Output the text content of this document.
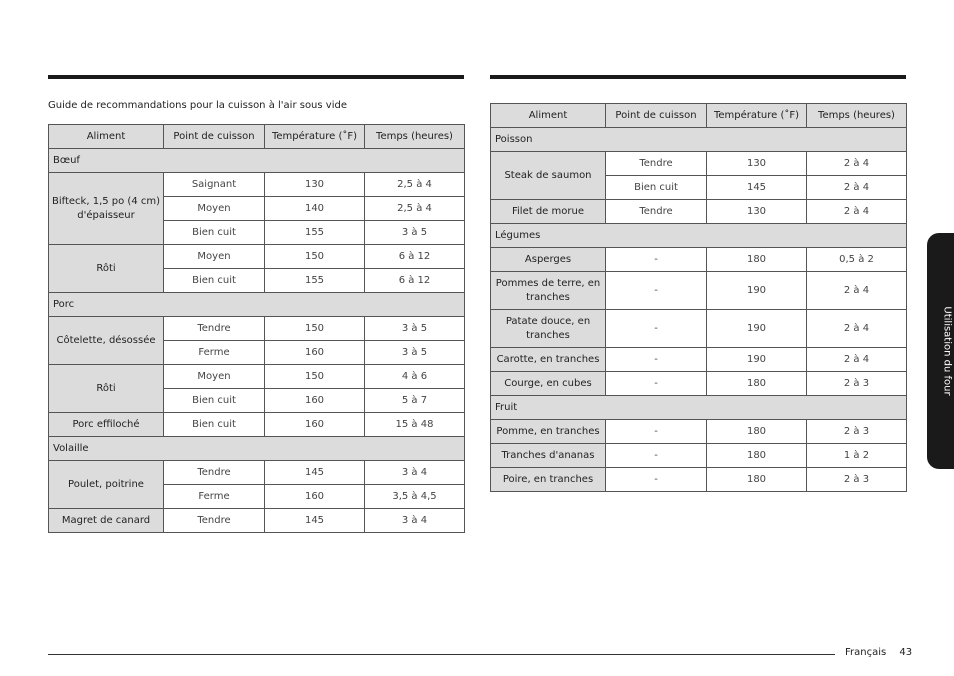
Guide de recommandations pour la cuisson à l'air sous vide
Aliment	Point de cuisson	Température (˚F)	Temps (heures)
Bœuf			
Bifteck, 1,5 po (4 cm) d'épaisseur	Saignant	130	2,5 à 4
	Moyen	140	2,5 à 4
	Bien cuit	155	3 à 5
Rôti	Moyen	150	6 à 12
	Bien cuit	155	6 à 12
Porc			
Côtelette, désossée	Tendre	150	3 à 5
	Ferme	160	3 à 5
Rôti	Moyen	150	4 à 6
	Bien cuit	160	5 à 7
Porc effiloché	Bien cuit	160	15 à 48
Volaille			
Poulet, poitrine	Tendre	145	3 à 4
	Ferme	160	3,5 à 4,5
Magret de canard	Tendre	145	3 à 4
Aliment	Point de cuisson	Température (˚F)	Temps (heures)
Poisson			
Steak de saumon	Tendre	130	2 à 4
	Bien cuit	145	2 à 4
Filet de morue	Tendre	130	2 à 4
Légumes			
Asperges	-	180	0,5 à 2
Pommes de terre, en tranches	-	190	2 à 4
Patate douce, en tranches	-	190	2 à 4
Carotte, en tranches	-	190	2 à 4
Courge, en cubes	-	180	2 à 3
Fruit			
Pomme, en tranches	-	180	2 à 3
Tranches d'ananas	-	180	1 à 2
Poire, en tranches	-	180	2 à 3
Utilisation du four
Français 43
